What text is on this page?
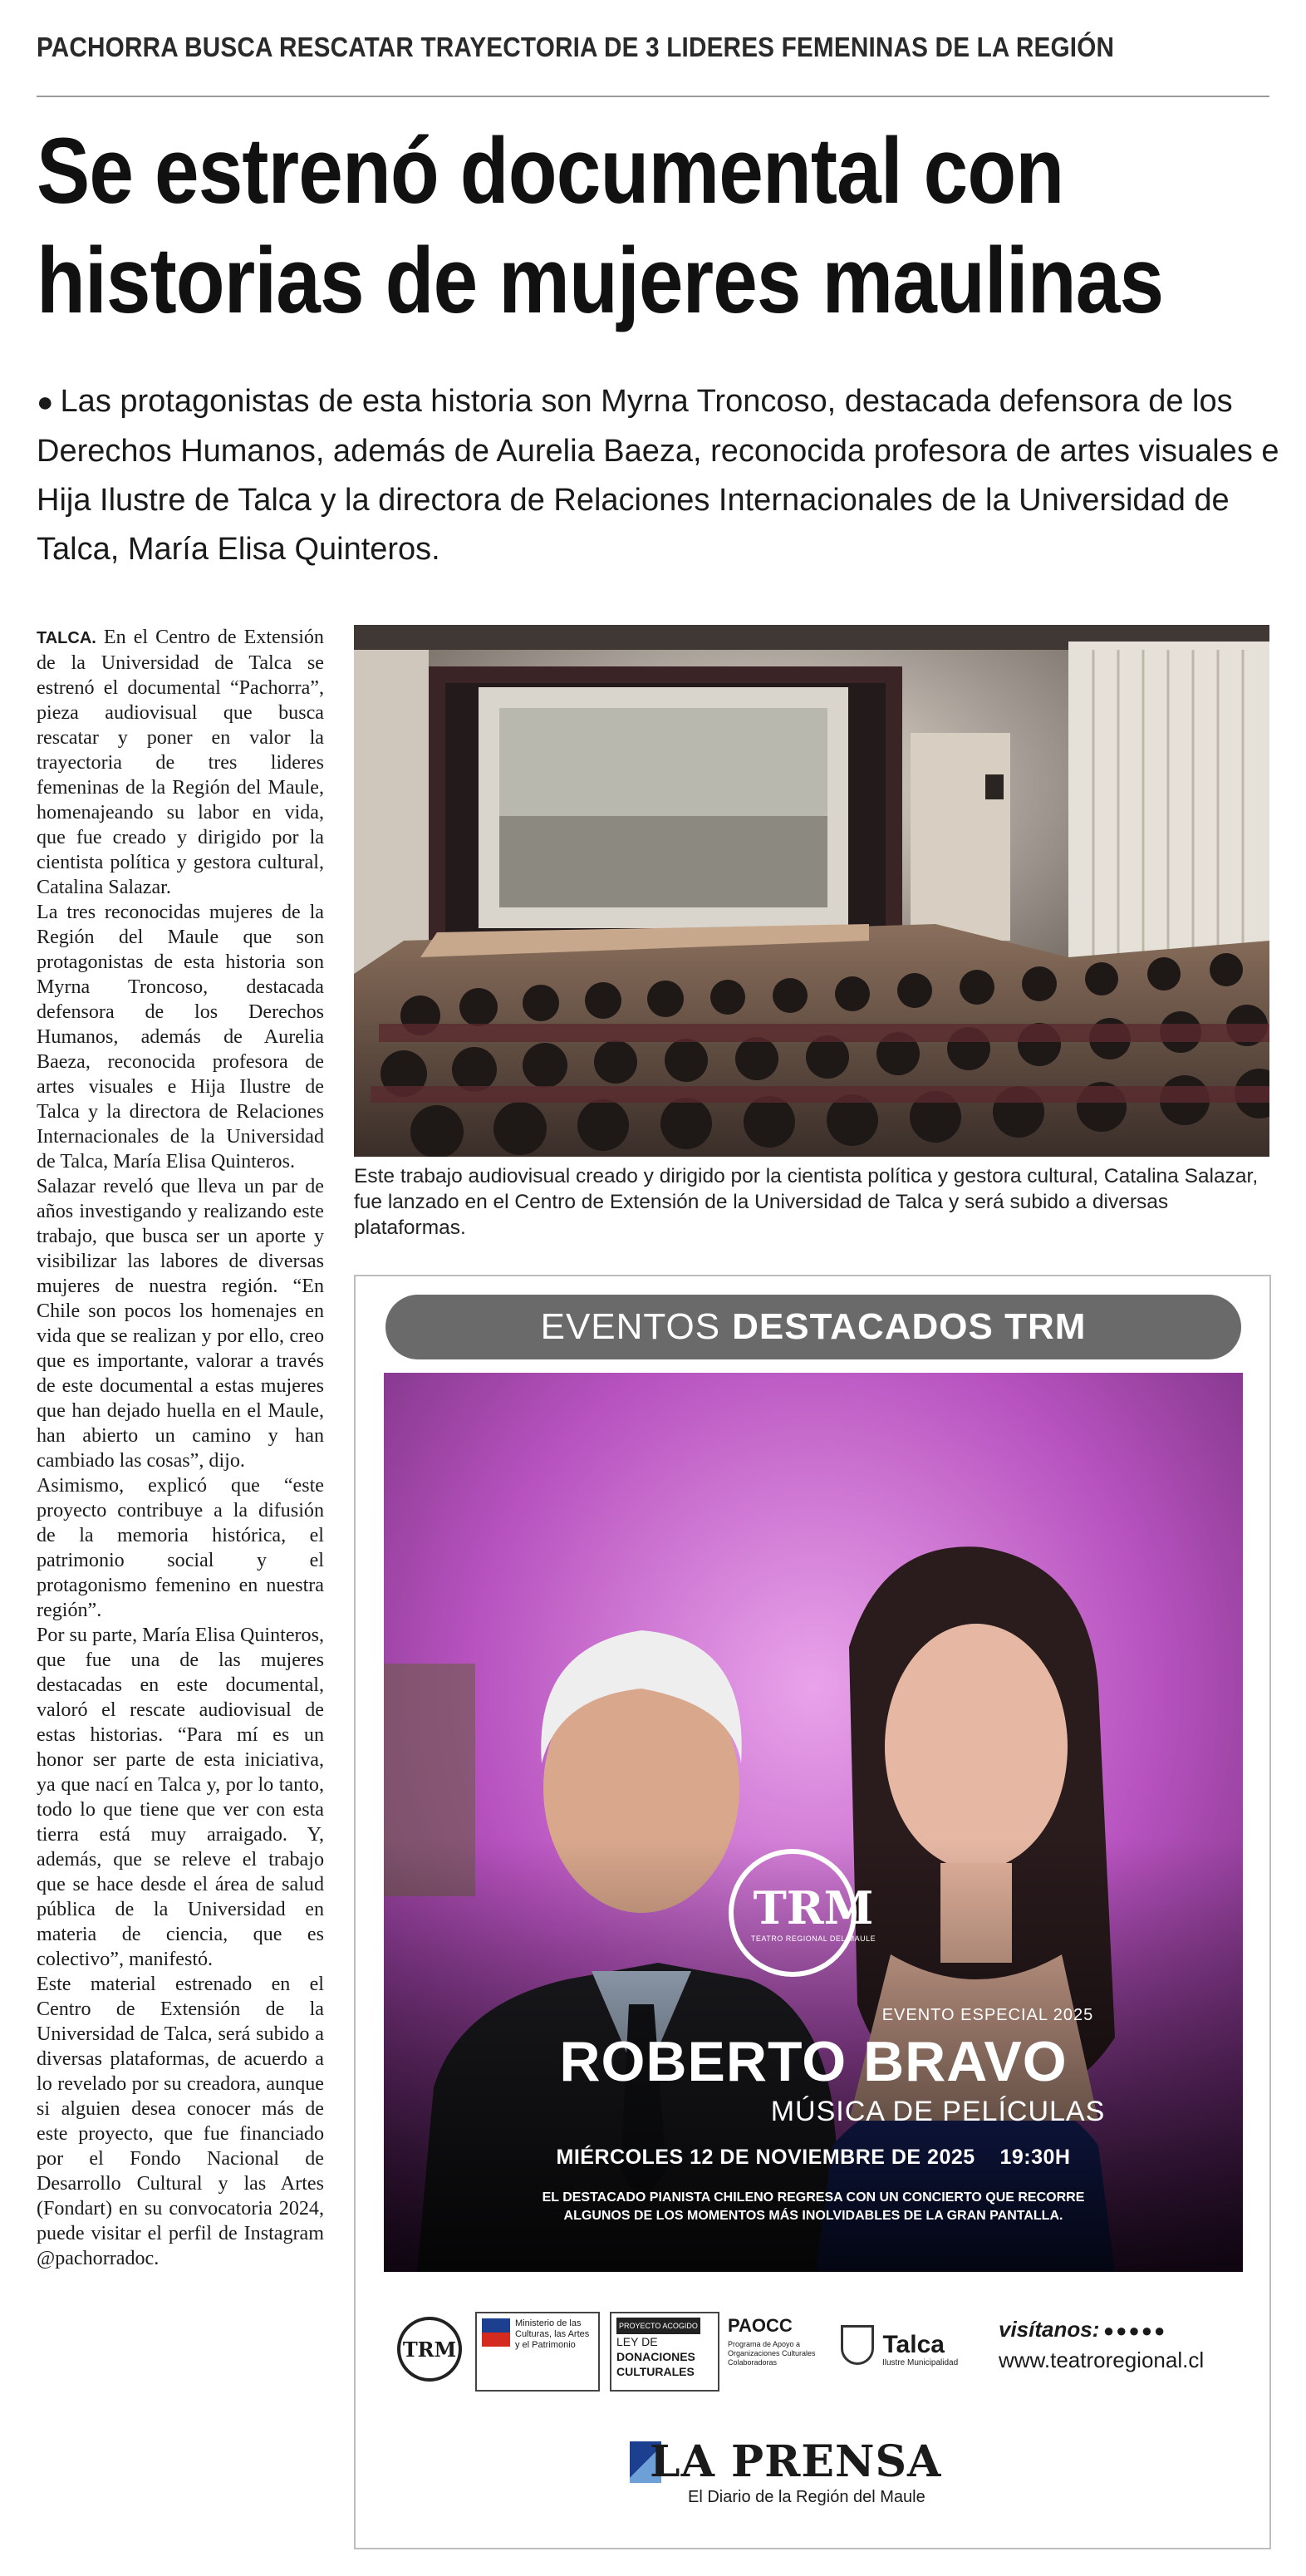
PACHORRA BUSCA RESCATAR TRAYECTORIA DE 3 LIDERES FEMENINAS DE LA REGIÓN
Se estrenó documental con
historias de mujeres maulinas

● Las protagonistas de esta historia son Myrna Troncoso, destacada defensora de los Derechos Humanos, además de Aurelia Baeza, reconocida profesora de artes visuales e Hija Ilustre de Talca y la directora de Relaciones Internacionales de la Universidad de Talca, María Elisa Quinteros.

TALCA. En el Centro de Extensión de la Universidad de Talca se estrenó el documental “Pachorra”, pieza audiovisual que busca rescatar y poner en valor la trayectoria de tres lideres femeninas de la Región del Maule, homenajeando su labor en vida, que fue creado y dirigido por la cientista política y gestora cultural, Catalina Salazar.

La tres reconocidas mujeres de la Región del Maule que son protagonistas de esta historia son Myrna Troncoso, destacada defensora de los Derechos Humanos, además de Aurelia Baeza, reconocida profesora de artes visuales e Hija Ilustre de Talca y la directora de Relaciones Internacionales de la Universidad de Talca, María Elisa Quinteros.

Salazar reveló que lleva un par de años investigando y realizando este trabajo, que busca ser un aporte y visibilizar las labores de diversas mujeres de nuestra región. “En Chile son pocos los homenajes en vida que se realizan y por ello, creo que es importante, valorar a través de este documental a estas mujeres que han dejado huella en el Maule, han abierto un camino y han cambiado las cosas”, dijo.

Asimismo, explicó que “este proyecto contribuye a la difusión de la memoria histórica, el patrimonio social y el protagonismo femenino en nuestra región”.

Por su parte, María Elisa Quinteros, que fue una de las mujeres destacadas en este documental, valoró el rescate audiovisual de estas historias. “Para mí es un honor ser parte de esta iniciativa, ya que nací en Talca y, por lo tanto, todo lo que tiene que ver con esta tierra está muy arraigado. Y, además, que se releve el trabajo que se hace desde el área de salud pública de la Universidad en materia de ciencia, que es colectivo”, manifestó.

Este material estrenado en el Centro de Extensión de la Universidad de Talca, será subido a diversas plataformas, de acuerdo a lo revelado por su creadora, aunque si alguien desea conocer más de este proyecto, que fue financiado por el Fondo Nacional de Desarrollo Cultural y las Artes (Fondart) en su convocatoria 2024, puede visitar el perfil de Instagram @pachorradoc.

Este trabajo audiovisual creado y dirigido por la cientista política y gestora cultural, Catalina Salazar, fue lanzado en el Centro de Extensión de la Universidad de Talca y será subido a diversas plataformas.

EVENTOS DESTACADOS TRM
TRM
TEATRO REGIONAL DEL MAULE
EVENTO ESPECIAL 2025
ROBERTO BRAVO
MÚSICA DE PELÍCULAS
MIÉRCOLES 12 DE NOVIEMBRE DE 2025 19:30H
EL DESTACADO PIANISTA CHILENO REGRESA CON UN CONCIERTO QUE RECORRE
ALGUNOS DE LOS MOMENTOS MÁS INOLVIDABLES DE LA GRAN PANTALLA.
TRM
Ministerio de las Culturas, las Artes y el Patrimonio
PROYECTO ACOGIDO
LEY DE
DONACIONES
CULTURALES
PAOCC
Programa de Apoyo a Organizaciones Culturales Colaboradoras
Talca
Ilustre Municipalidad
visítanos: ●●●●●
www.teatroregional.cl
LA PRENSA
El Diario de la Región del Maule
